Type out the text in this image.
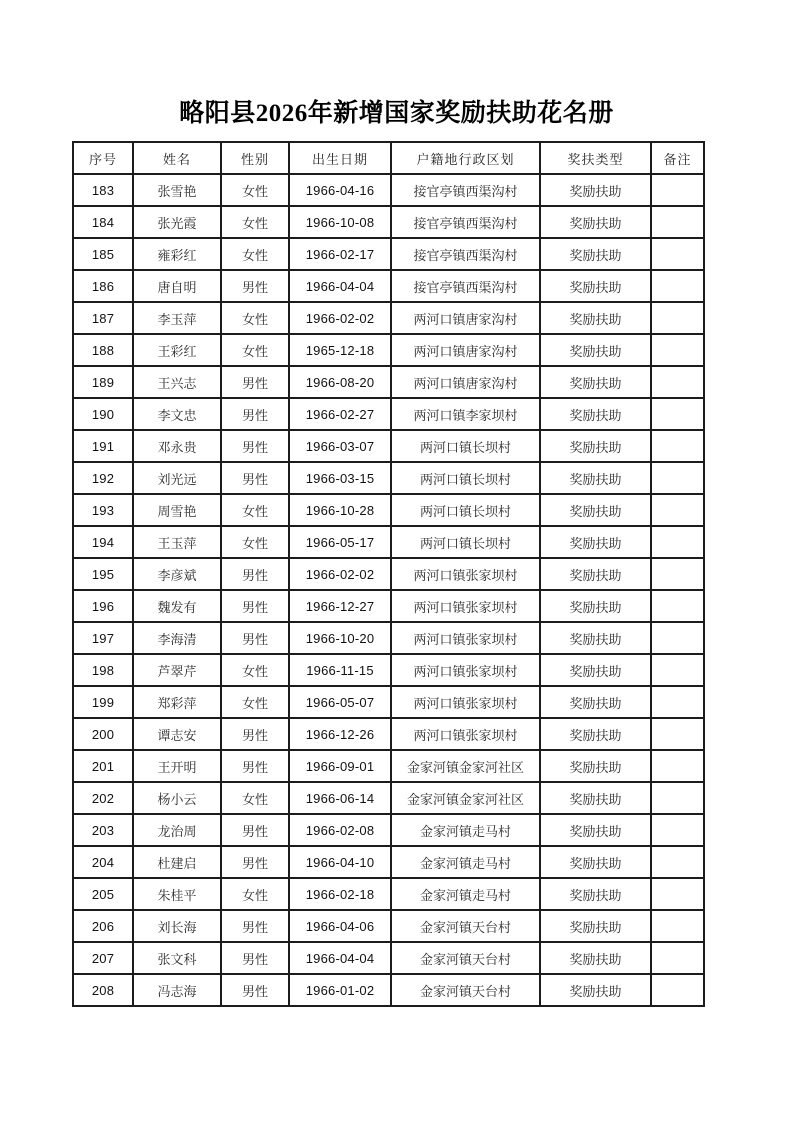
略阳县2026年新增国家奖励扶助花名册
序号	姓名	性别	出生日期	户籍地行政区划	奖扶类型	备注
183	张雪艳	女性	1966-04-16	接官亭镇西渠沟村	奖励扶助	
184	张光霞	女性	1966-10-08	接官亭镇西渠沟村	奖励扶助	
185	雍彩红	女性	1966-02-17	接官亭镇西渠沟村	奖励扶助	
186	唐自明	男性	1966-04-04	接官亭镇西渠沟村	奖励扶助	
187	李玉萍	女性	1966-02-02	两河口镇唐家沟村	奖励扶助	
188	王彩红	女性	1965-12-18	两河口镇唐家沟村	奖励扶助	
189	王兴志	男性	1966-08-20	两河口镇唐家沟村	奖励扶助	
190	李文忠	男性	1966-02-27	两河口镇李家坝村	奖励扶助	
191	邓永贵	男性	1966-03-07	两河口镇长坝村	奖励扶助	
192	刘光远	男性	1966-03-15	两河口镇长坝村	奖励扶助	
193	周雪艳	女性	1966-10-28	两河口镇长坝村	奖励扶助	
194	王玉萍	女性	1966-05-17	两河口镇长坝村	奖励扶助	
195	李彦斌	男性	1966-02-02	两河口镇张家坝村	奖励扶助	
196	魏发有	男性	1966-12-27	两河口镇张家坝村	奖励扶助	
197	李海清	男性	1966-10-20	两河口镇张家坝村	奖励扶助	
198	芦翠芹	女性	1966-11-15	两河口镇张家坝村	奖励扶助	
199	郑彩萍	女性	1966-05-07	两河口镇张家坝村	奖励扶助	
200	谭志安	男性	1966-12-26	两河口镇张家坝村	奖励扶助	
201	王开明	男性	1966-09-01	金家河镇金家河社区	奖励扶助	
202	杨小云	女性	1966-06-14	金家河镇金家河社区	奖励扶助	
203	龙治周	男性	1966-02-08	金家河镇走马村	奖励扶助	
204	杜建启	男性	1966-04-10	金家河镇走马村	奖励扶助	
205	朱桂平	女性	1966-02-18	金家河镇走马村	奖励扶助	
206	刘长海	男性	1966-04-06	金家河镇天台村	奖励扶助	
207	张文科	男性	1966-04-04	金家河镇天台村	奖励扶助	
208	冯志海	男性	1966-01-02	金家河镇天台村	奖励扶助	
